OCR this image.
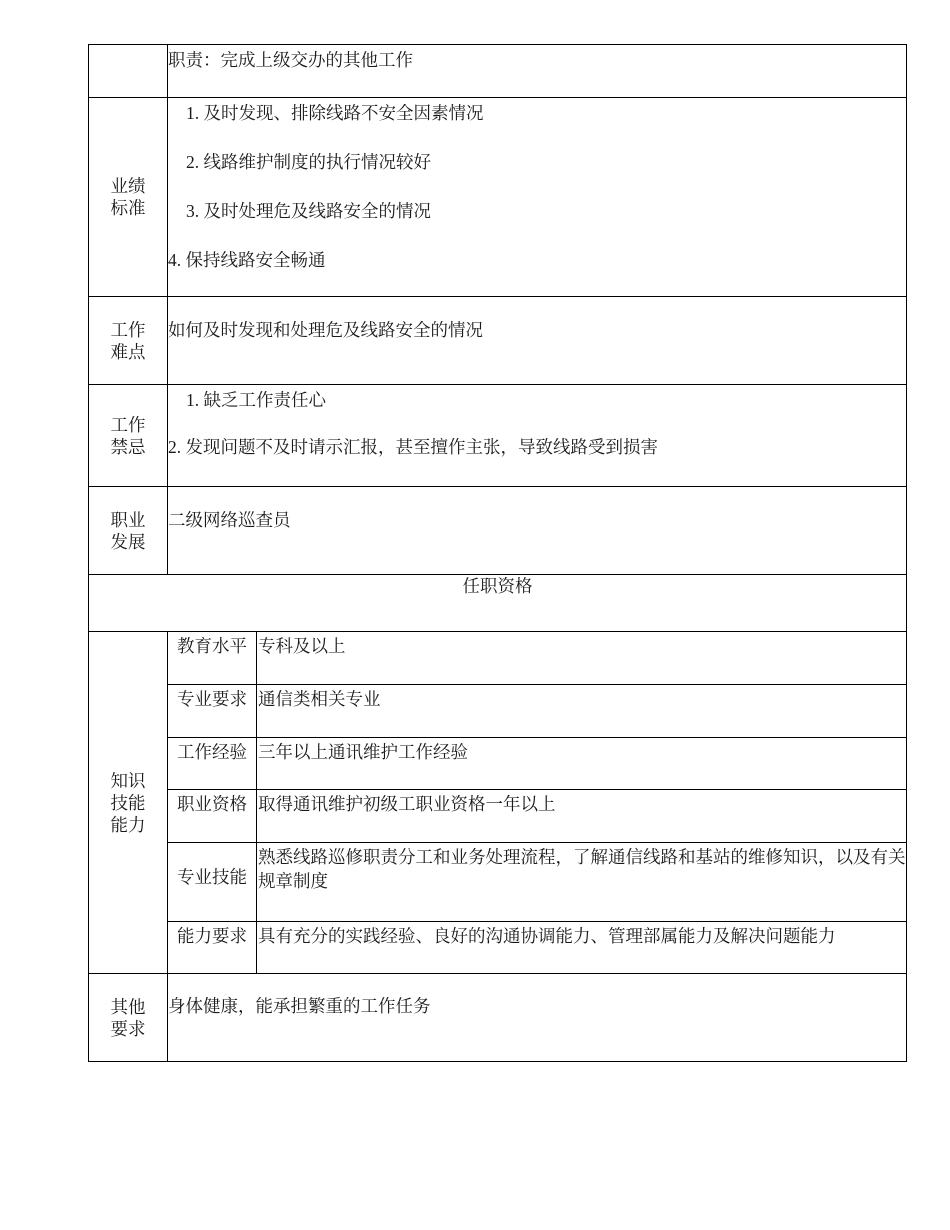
职责：完成上级交办的其他工作

业绩
标准

1. 及时发现、排除线路不安全因素情况
2. 线路维护制度的执行情况较好
3. 及时处理危及线路安全的情况
4. 保持线路安全畅通

工作
难点

如何及时发现和处理危及线路安全的情况

工作
禁忌

1. 缺乏工作责任心
2. 发现问题不及时请示汇报，甚至擅作主张，导致线路受到损害

职业
发展

二级网络巡查员

任职资格

知识
技能
能力

教育水平	专科及以上
专业要求	通信类相关专业
工作经验	三年以上通讯维护工作经验
职业资格	取得通讯维护初级工职业资格一年以上
专业技能	熟悉线路巡修职责分工和业务处理流程，了解通信线路和基站的维修知识，以及有关规章制度
能力要求	具有充分的实践经验、良好的沟通协调能力、管理部属能力及解决问题能力

其他
要求

身体健康，能承担繁重的工作任务
